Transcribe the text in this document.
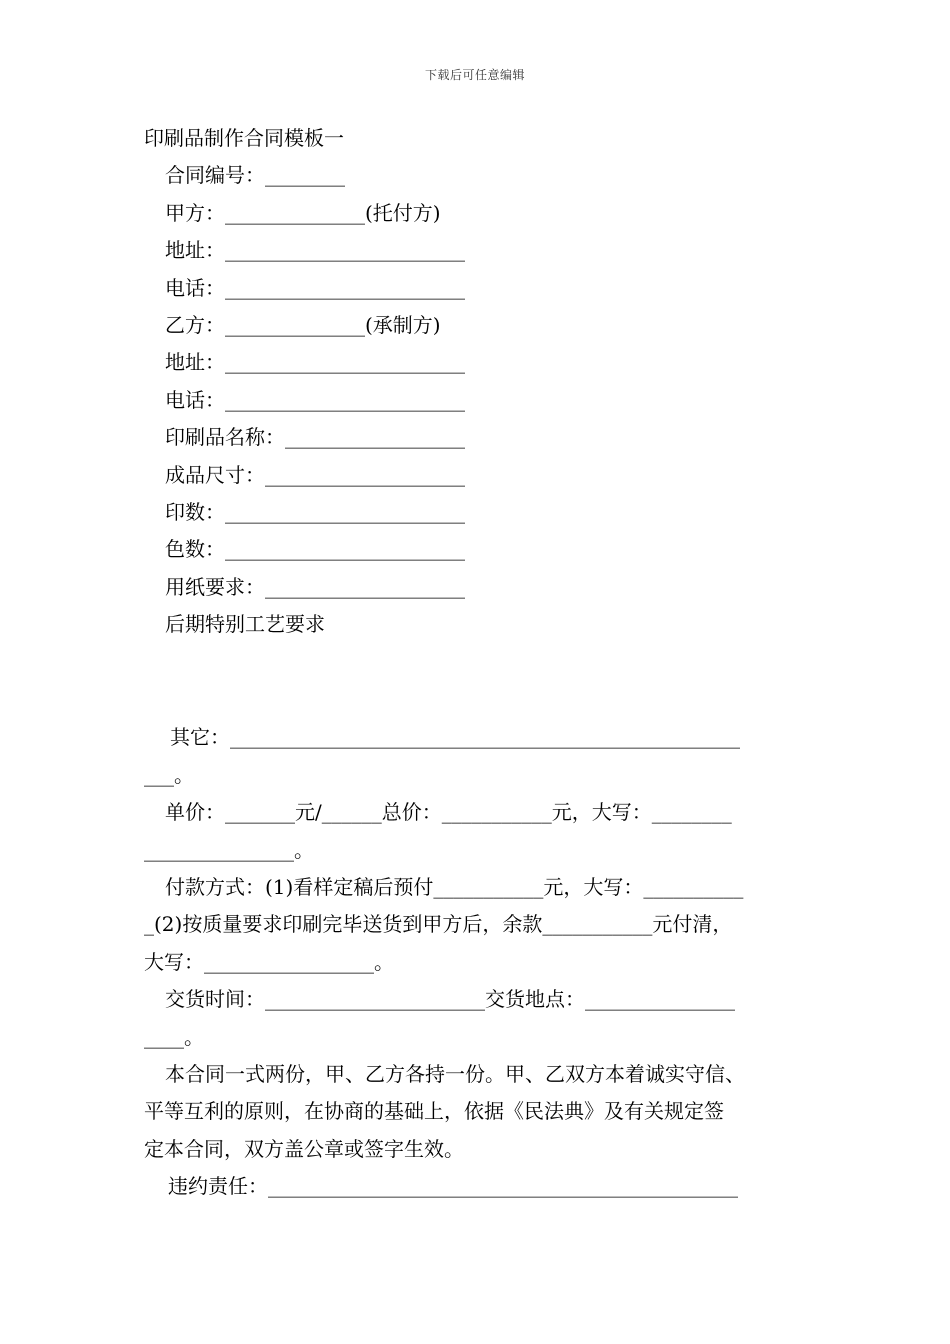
下载后可任意编辑
印刷品制作合同模板一
合同编号：________
甲方：______________(托付方)
地址：________________________
电话：________________________
乙方：______________(承制方)
地址：________________________
电话：________________________
印刷品名称：__________________
成品尺寸：____________________
印数：________________________
色数：________________________
用纸要求：____________________
后期特别工艺要求

其它：___________________________________________________
___。
单价：_______元/______总价：___________元，大写：________
_______________。
付款方式：(1)看样定稿后预付___________元，大写：__________
_(2)按质量要求印刷完毕送货到甲方后，余款___________元付清，
大写：_________________。
交货时间：______________________交货地点：_______________
____。
本合同一式两份，甲、乙方各持一份。甲、乙双方本着诚实守信、
平等互利的原则，在协商的基础上，依据《民法典》及有关规定签
定本合同，双方盖公章或签字生效。
违约责任：_______________________________________________
